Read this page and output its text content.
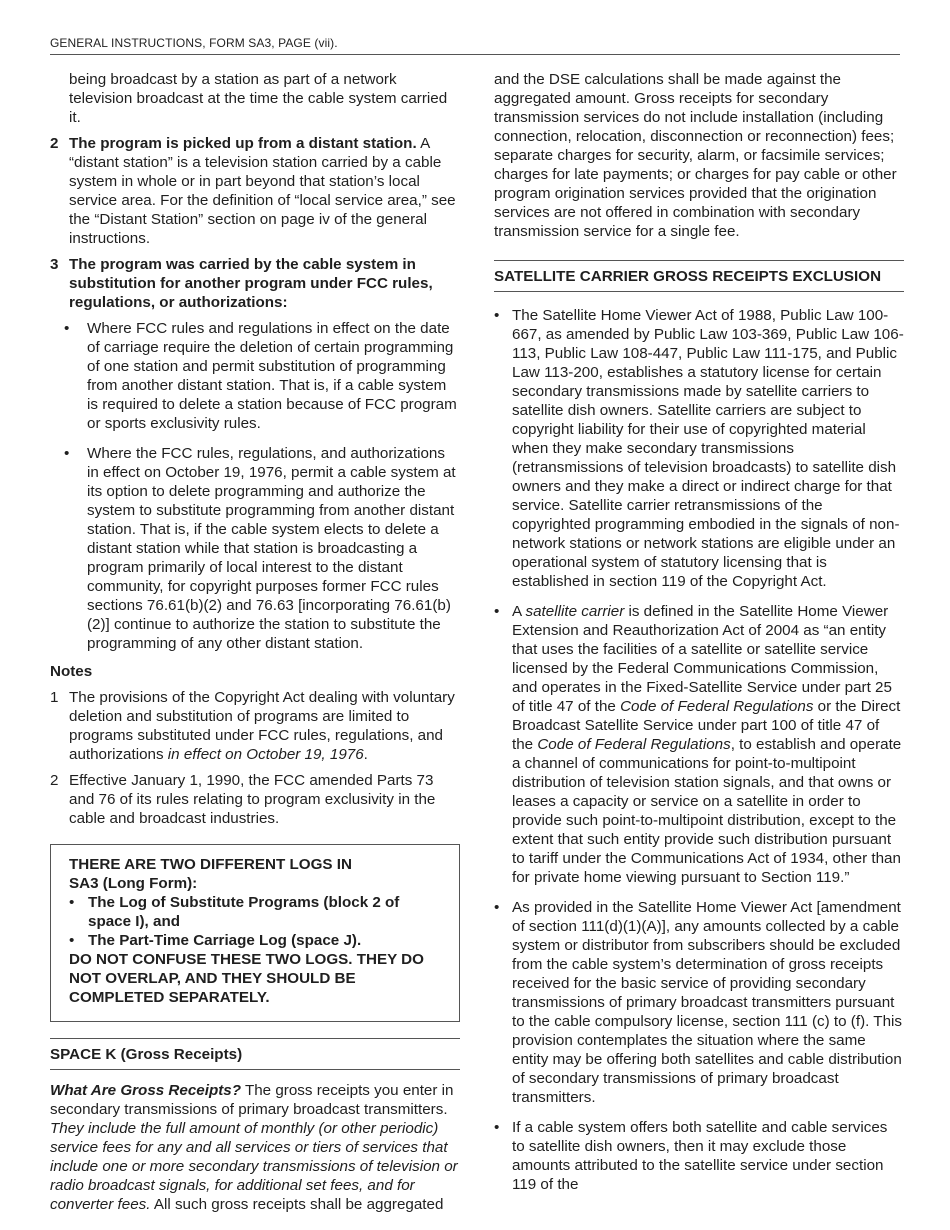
GENERAL INSTRUCTIONS, FORM SA3, PAGE (vii).

being broadcast by a station as part of a network television broadcast at the time the cable system carried it.

2 The program is picked up from a distant station. A “distant station” is a television station carried by a cable system in whole or in part beyond that station’s local service area. For the definition of “local service area,” see the “Distant Station” section on page iv of the general instructions.
3 The program was carried by the cable system in substitution for another program under FCC rules, regulations, or authorizations:
• Where FCC rules and regulations in effect on the date of carriage require the deletion of certain programming of one station and permit substitution of programming from another distant station. That is, if a cable system is required to delete a station because of FCC program or sports exclusivity rules.
• Where the FCC rules, regulations, and authorizations in effect on October 19, 1976, permit a cable system at its option to delete programming and authorize the system to substitute programming from another distant station. That is, if the cable system elects to delete a distant station while that station is broadcasting a program primarily of local interest to the distant community, for copyright purposes former FCC rules sections 76.61(b)(2) and 76.63 [incorporating 76.61(b)(2)] continue to authorize the station to substitute the programming of any other distant station.
Notes
1 The provisions of the Copyright Act dealing with voluntary deletion and substitution of programs are limited to programs substituted under FCC rules, regulations, and authorizations in effect on October 19, 1976.
2 Effective January 1, 1990, the FCC amended Parts 73 and 76 of its rules relating to program exclusivity in the cable and broadcast industries.
THERE ARE TWO DIFFERENT LOGS IN
SA3 (Long Form):
• The Log of Substitute Programs (block 2 of space I), and
• The Part-Time Carriage Log (space J).
DO NOT CONFUSE THESE TWO LOGS. THEY DO NOT OVERLAP, AND THEY SHOULD BE COMPLETED SEPARATELY.
SPACE K (Gross Receipts)

What Are Gross Receipts? The gross receipts you enter in secondary transmissions of primary broadcast transmitters. They include the full amount of monthly (or other periodic) service fees for any and all services or tiers of services that include one or more secondary transmissions of television or radio broadcast signals, for additional set fees, and for converter fees. All such gross receipts shall be aggregated

and the DSE calculations shall be made against the aggregated amount. Gross receipts for secondary transmission services do not include installation (including connection, relocation, disconnection or reconnection) fees; separate charges for security, alarm, or facsimile services; charges for late payments; or charges for pay cable or other program origination services provided that the origination services are not offered in combination with secondary transmission service for a single fee.

SATELLITE CARRIER GROSS RECEIPTS EXCLUSION
• The Satellite Home Viewer Act of 1988, Public Law 100-667, as amended by Public Law 103-369, Public Law 106-113, Public Law 108-447, Public Law 111-175, and Public Law 113-200, establishes a statutory license for certain secondary transmissions made by satellite carriers to satellite dish owners. Satellite carriers are subject to copyright liability for their use of copyrighted material when they make secondary transmissions (retransmissions of television broadcasts) to satellite dish owners and they make a direct or indirect charge for that service. Satellite carrier retransmissions of the copyrighted programming embodied in the signals of non-network stations or network stations are eligible under an operational system of statutory licensing that is established in section 119 of the Copyright Act.
• A satellite carrier is defined in the Satellite Home Viewer Extension and Reauthorization Act of 2004 as “an entity that uses the facilities of a satellite or satellite service licensed by the Federal Communications Commission, and operates in the Fixed-Satellite Service under part 25 of title 47 of the Code of Federal Regulations or the Direct Broadcast Satellite Service under part 100 of title 47 of the Code of Federal Regulations, to establish and operate a channel of communications for point-to-multipoint distribution of television station signals, and that owns or leases a capacity or service on a satellite in order to provide such point-to-multipoint distribution, except to the extent that such entity provide such distribution pursuant to tariff under the Communications Act of 1934, other than for private home viewing pursuant to Section 119.”
• As provided in the Satellite Home Viewer Act [amendment of section 111(d)(1)(A)], any amounts collected by a cable system or distributor from subscribers should be excluded from the cable system’s determination of gross receipts received for the basic service of providing secondary transmissions of primary broadcast transmitters pursuant to the cable compulsory license, section 111 (c) to (f). This provision contemplates the situation where the same entity may be offering both satellites and cable distribution of secondary transmissions of primary broadcast transmitters.
• If a cable system offers both satellite and cable services to satellite dish owners, then it may exclude those amounts attributed to the satellite service under section 119 of the
